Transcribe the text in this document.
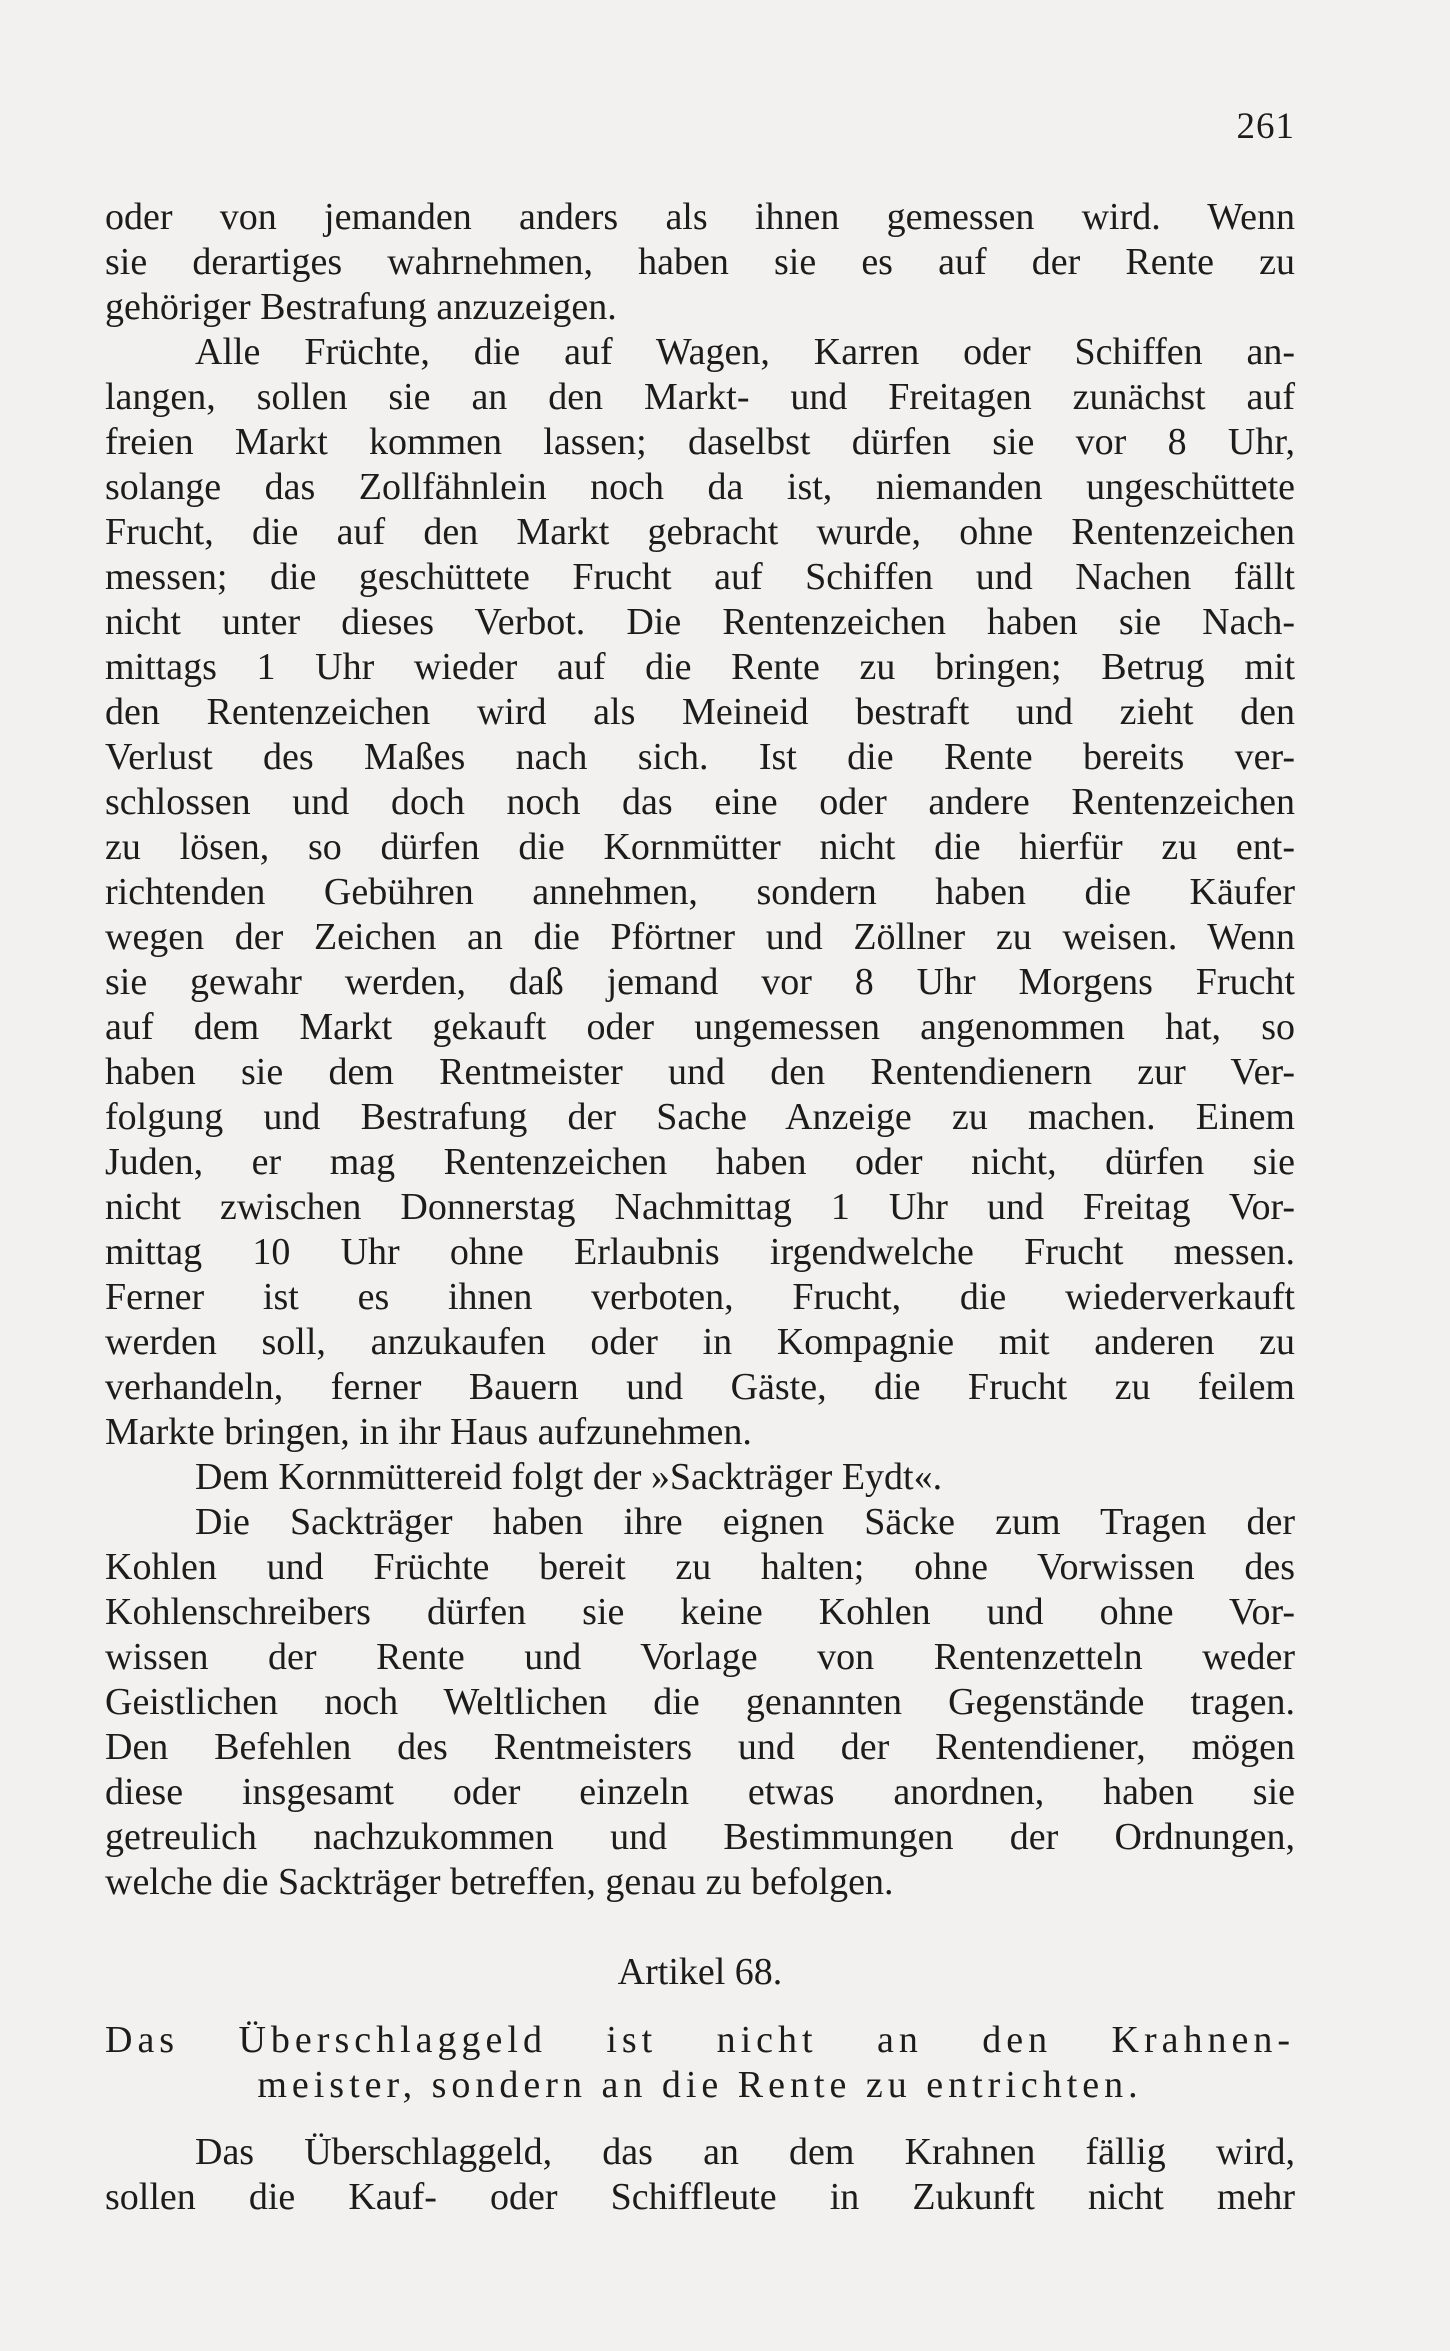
261
oder von jemanden anders als ihnen gemessen wird. Wenn
sie derartiges wahrnehmen, haben sie es auf der Rente zu
gehöriger Bestrafung anzuzeigen.
Alle Früchte, die auf Wagen, Karren oder Schiffen an-
langen, sollen sie an den Markt- und Freitagen zunächst auf
freien Markt kommen lassen; daselbst dürfen sie vor 8 Uhr,
solange das Zollfähnlein noch da ist, niemanden ungeschüttete
Frucht, die auf den Markt gebracht wurde, ohne Rentenzeichen
messen; die geschüttete Frucht auf Schiffen und Nachen fällt
nicht unter dieses Verbot. Die Rentenzeichen haben sie Nach-
mittags 1 Uhr wieder auf die Rente zu bringen; Betrug mit
den Rentenzeichen wird als Meineid bestraft und zieht den
Verlust des Maßes nach sich. Ist die Rente bereits ver-
schlossen und doch noch das eine oder andere Rentenzeichen
zu lösen, so dürfen die Kornmütter nicht die hierfür zu ent-
richtenden Gebühren annehmen, sondern haben die Käufer
wegen der Zeichen an die Pförtner und Zöllner zu weisen. Wenn
sie gewahr werden, daß jemand vor 8 Uhr Morgens Frucht
auf dem Markt gekauft oder ungemessen angenommen hat, so
haben sie dem Rentmeister und den Rentendienern zur Ver-
folgung und Bestrafung der Sache Anzeige zu machen. Einem
Juden, er mag Rentenzeichen haben oder nicht, dürfen sie
nicht zwischen Donnerstag Nachmittag 1 Uhr und Freitag Vor-
mittag 10 Uhr ohne Erlaubnis irgendwelche Frucht messen.
Ferner ist es ihnen verboten, Frucht, die wiederverkauft
werden soll, anzukaufen oder in Kompagnie mit anderen zu
verhandeln, ferner Bauern und Gäste, die Frucht zu feilem
Markte bringen, in ihr Haus aufzunehmen.
Dem Kornmüttereid folgt der »Sackträger Eydt«.
Die Sackträger haben ihre eignen Säcke zum Tragen der
Kohlen und Früchte bereit zu halten; ohne Vorwissen des
Kohlenschreibers dürfen sie keine Kohlen und ohne Vor-
wissen der Rente und Vorlage von Rentenzetteln weder
Geistlichen noch Weltlichen die genannten Gegenstände tragen.
Den Befehlen des Rentmeisters und der Rentendiener, mögen
diese insgesamt oder einzeln etwas anordnen, haben sie
getreulich nachzukommen und Bestimmungen der Ordnungen,
welche die Sackträger betreffen, genau zu befolgen.
Artikel 68.
Das Überschlaggeld ist nicht an den Krahnen-
meister, sondern an die Rente zu entrichten.
Das Überschlaggeld, das an dem Krahnen fällig wird,
sollen die Kauf- oder Schiffleute in Zukunft nicht mehr
